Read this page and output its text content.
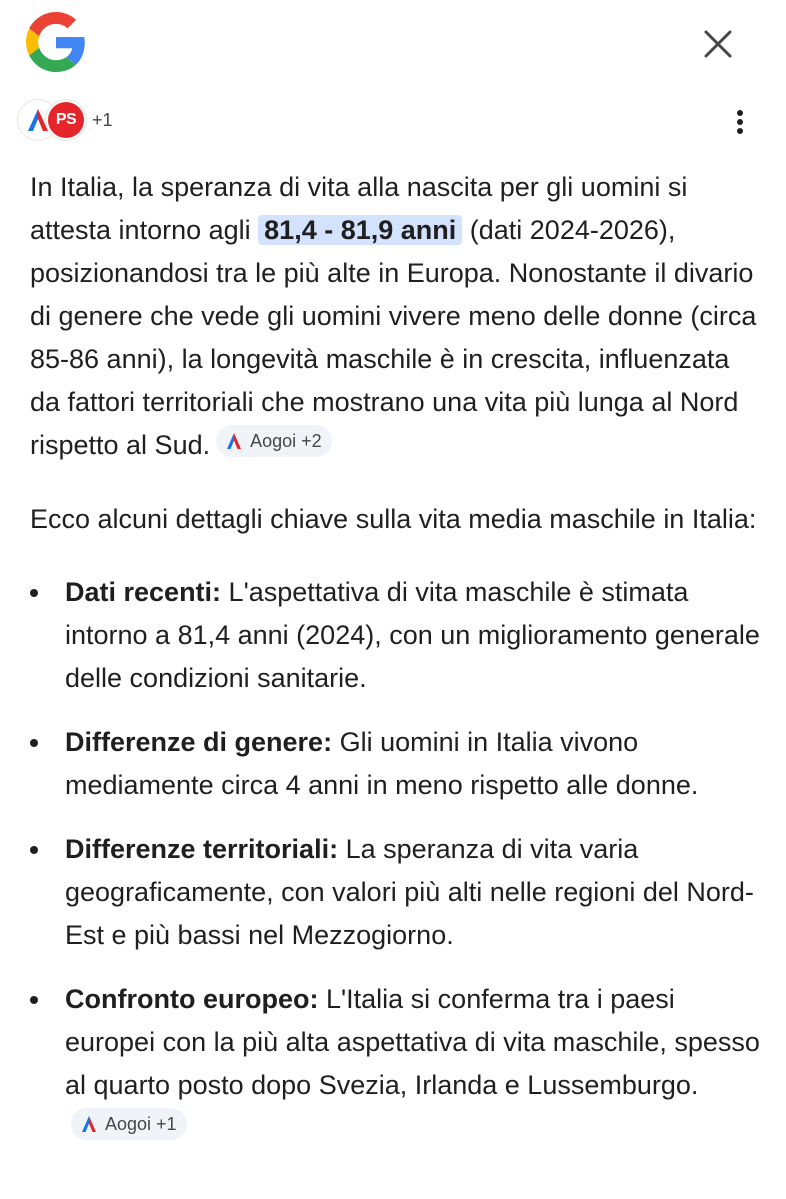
PS +1

In Italia, la speranza di vita alla nascita per gli uomini si attesta intorno agli 81,4 - 81,9 anni (dati 2024-2026), posizionandosi tra le più alte in Europa. Nonostante il divario di genere che vede gli uomini vivere meno delle donne (circa 85-86 anni), la longevità maschile è in crescita, influenzata da fattori territoriali che mostrano una vita più lunga al Nord rispetto al Sud. Aogoi +2

Ecco alcuni dettagli chiave sulla vita media maschile in Italia:

Dati recenti: L'aspettativa di vita maschile è stimata intorno a 81,4 anni (2024), con un miglioramento generale delle condizioni sanitarie.
Differenze di genere: Gli uomini in Italia vivono mediamente circa 4 anni in meno rispetto alle donne.
Differenze territoriali: La speranza di vita varia geograficamente, con valori più alti nelle regioni del Nord-Est e più bassi nel Mezzogiorno.
Confronto europeo: L'Italia si conferma tra i paesi europei con la più alta aspettativa di vita maschile, spesso al quarto posto dopo Svezia, Irlanda e Lussemburgo.
Aogoi +1
